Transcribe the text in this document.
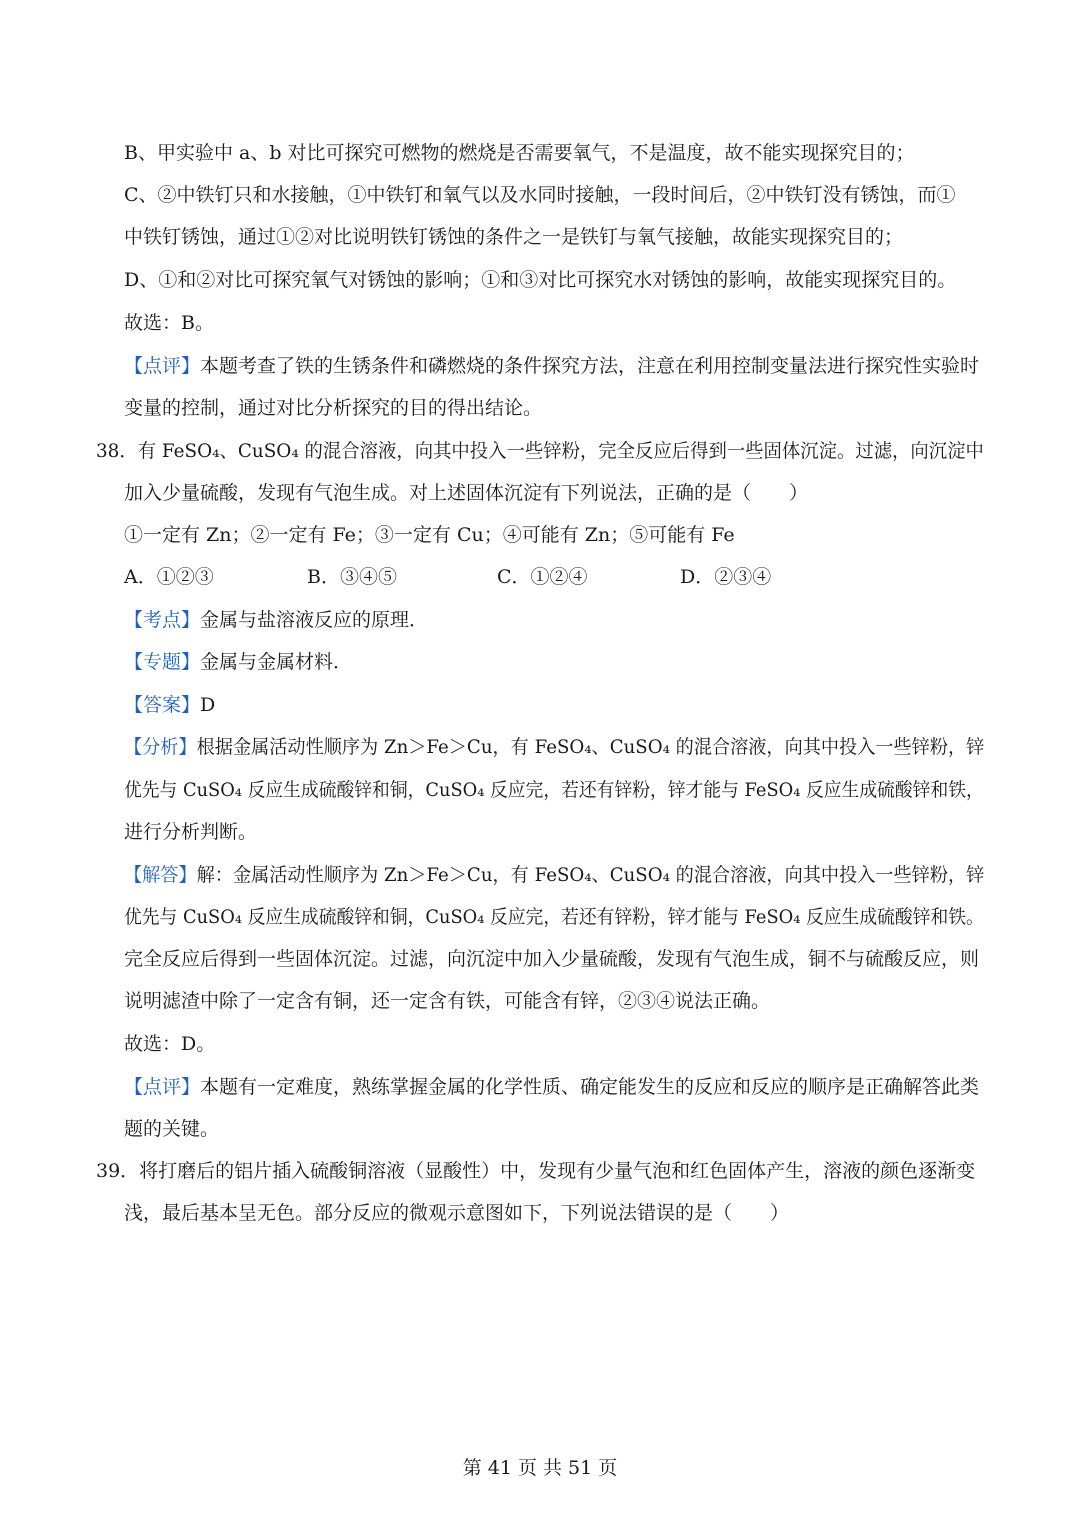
B、甲实验中 a、b 对比可探究可燃物的燃烧是否需要氧气，不是温度，故不能实现探究目的；
C、②中铁钉只和水接触，①中铁钉和氧气以及水同时接触，一段时间后，②中铁钉没有锈蚀，而①
中铁钉锈蚀，通过①②对比说明铁钉锈蚀的条件之一是铁钉与氧气接触，故能实现探究目的；
D、①和②对比可探究氧气对锈蚀的影响；①和③对比可探究水对锈蚀的影响，故能实现探究目的。
故选：B。
【点评】本题考查了铁的生锈条件和磷燃烧的条件探究方法，注意在利用控制变量法进行探究性实验时
变量的控制，通过对比分析探究的目的得出结论。
38．有 FeSO₄、CuSO₄ 的混合溶液，向其中投入一些锌粉，完全反应后得到一些固体沉淀。过滤，向沉淀中
加入少量硫酸，发现有气泡生成。对上述固体沉淀有下列说法，正确的是（　　）
①一定有 Zn；②一定有 Fe；③一定有 Cu；④可能有 Zn；⑤可能有 Fe
A．①②③	B．③④⑤	C．①②④	D．②③④
【考点】金属与盐溶液反应的原理．
【专题】金属与金属材料．
【答案】D
【分析】根据金属活动性顺序为 Zn＞Fe＞Cu，有 FeSO₄、CuSO₄ 的混合溶液，向其中投入一些锌粉，锌
优先与 CuSO₄ 反应生成硫酸锌和铜，CuSO₄ 反应完，若还有锌粉，锌才能与 FeSO₄ 反应生成硫酸锌和铁，
进行分析判断。
【解答】解：金属活动性顺序为 Zn＞Fe＞Cu，有 FeSO₄、CuSO₄ 的混合溶液，向其中投入一些锌粉，锌
优先与 CuSO₄ 反应生成硫酸锌和铜，CuSO₄ 反应完，若还有锌粉，锌才能与 FeSO₄ 反应生成硫酸锌和铁。
完全反应后得到一些固体沉淀。过滤，向沉淀中加入少量硫酸，发现有气泡生成，铜不与硫酸反应，则
说明滤渣中除了一定含有铜，还一定含有铁，可能含有锌，②③④说法正确。
故选：D。
【点评】本题有一定难度，熟练掌握金属的化学性质、确定能发生的反应和反应的顺序是正确解答此类
题的关键。
39．将打磨后的铝片插入硫酸铜溶液（显酸性）中，发现有少量气泡和红色固体产生，溶液的颜色逐渐变
浅，最后基本呈无色。部分反应的微观示意图如下，下列说法错误的是（　　）
第 41 页 共 51 页
